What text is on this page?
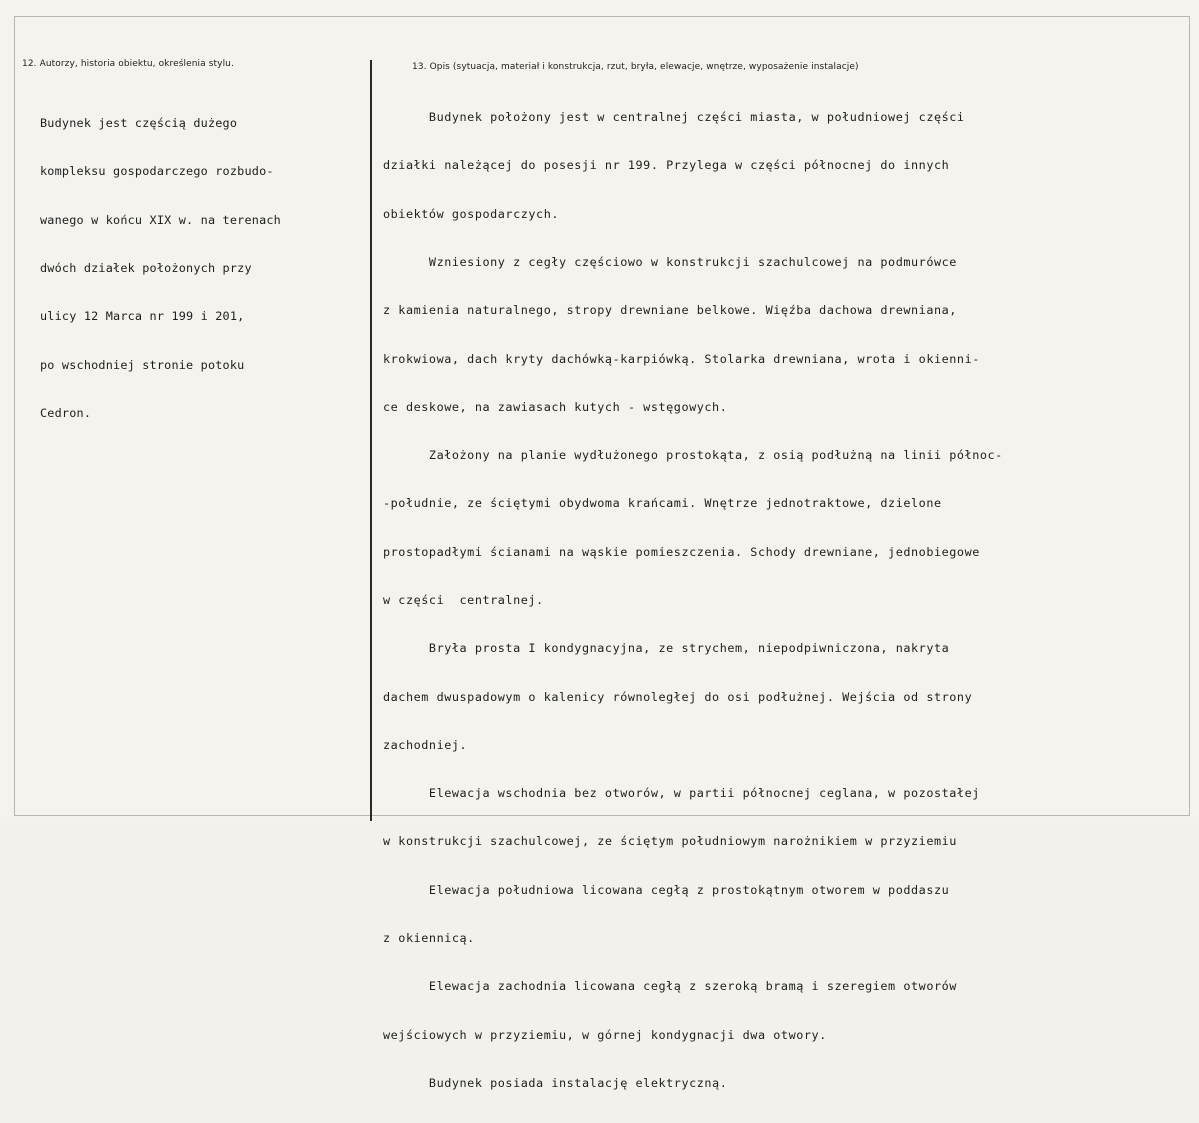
12. Autorzy, historia obiektu, określenia stylu.	13. Opis (sytuacja, materiał i konstrukcja, rzut, bryła, elewacje, wnętrze, wyposażenie instalacje)

Budynek jest częścią dużego

kompleksu gospodarczego rozbudo-

wanego w końcu XIX w. na terenach

dwóch działek położonych przy

ulicy 12 Marca nr 199 i 201,

po wschodniej stronie potoku

Cedron.

Budynek położony jest w centralnej części miasta, w południowej części

działki należącej do posesji nr 199. Przylega w części północnej do innych

obiektów gospodarczych.

Wzniesiony z cegły częściowo w konstrukcji szachulcowej na podmurówce

z kamienia naturalnego, stropy drewniane belkowe. Więźba dachowa drewniana,

krokwiowa, dach kryty dachówką-karpiówką. Stolarka drewniana, wrota i okienni-

ce deskowe, na zawiasach kutych - wstęgowych.

Założony na planie wydłużonego prostokąta, z osią podłużną na linii północ-

-południe, ze ściętymi obydwoma krańcami. Wnętrze jednotraktowe, dzielone

prostopadłymi ścianami na wąskie pomieszczenia. Schody drewniane, jednobiegowe

w części  centralnej.

Bryła prosta I kondygnacyjna, ze strychem, niepodpiwniczona, nakryta

dachem dwuspadowym o kalenicy równoległej do osi podłużnej. Wejścia od strony

zachodniej.

Elewacja wschodnia bez otworów, w partii północnej ceglana, w pozostałej

w konstrukcji szachulcowej, ze ściętym południowym narożnikiem w przyziemiu

Elewacja południowa licowana cegłą z prostokątnym otworem w poddaszu

z okiennicą.

Elewacja zachodnia licowana cegłą z szeroką bramą i szeregiem otworów

wejściowych w przyziemiu, w górnej kondygnacji dwa otwory.

Budynek posiada instalację elektryczną.
